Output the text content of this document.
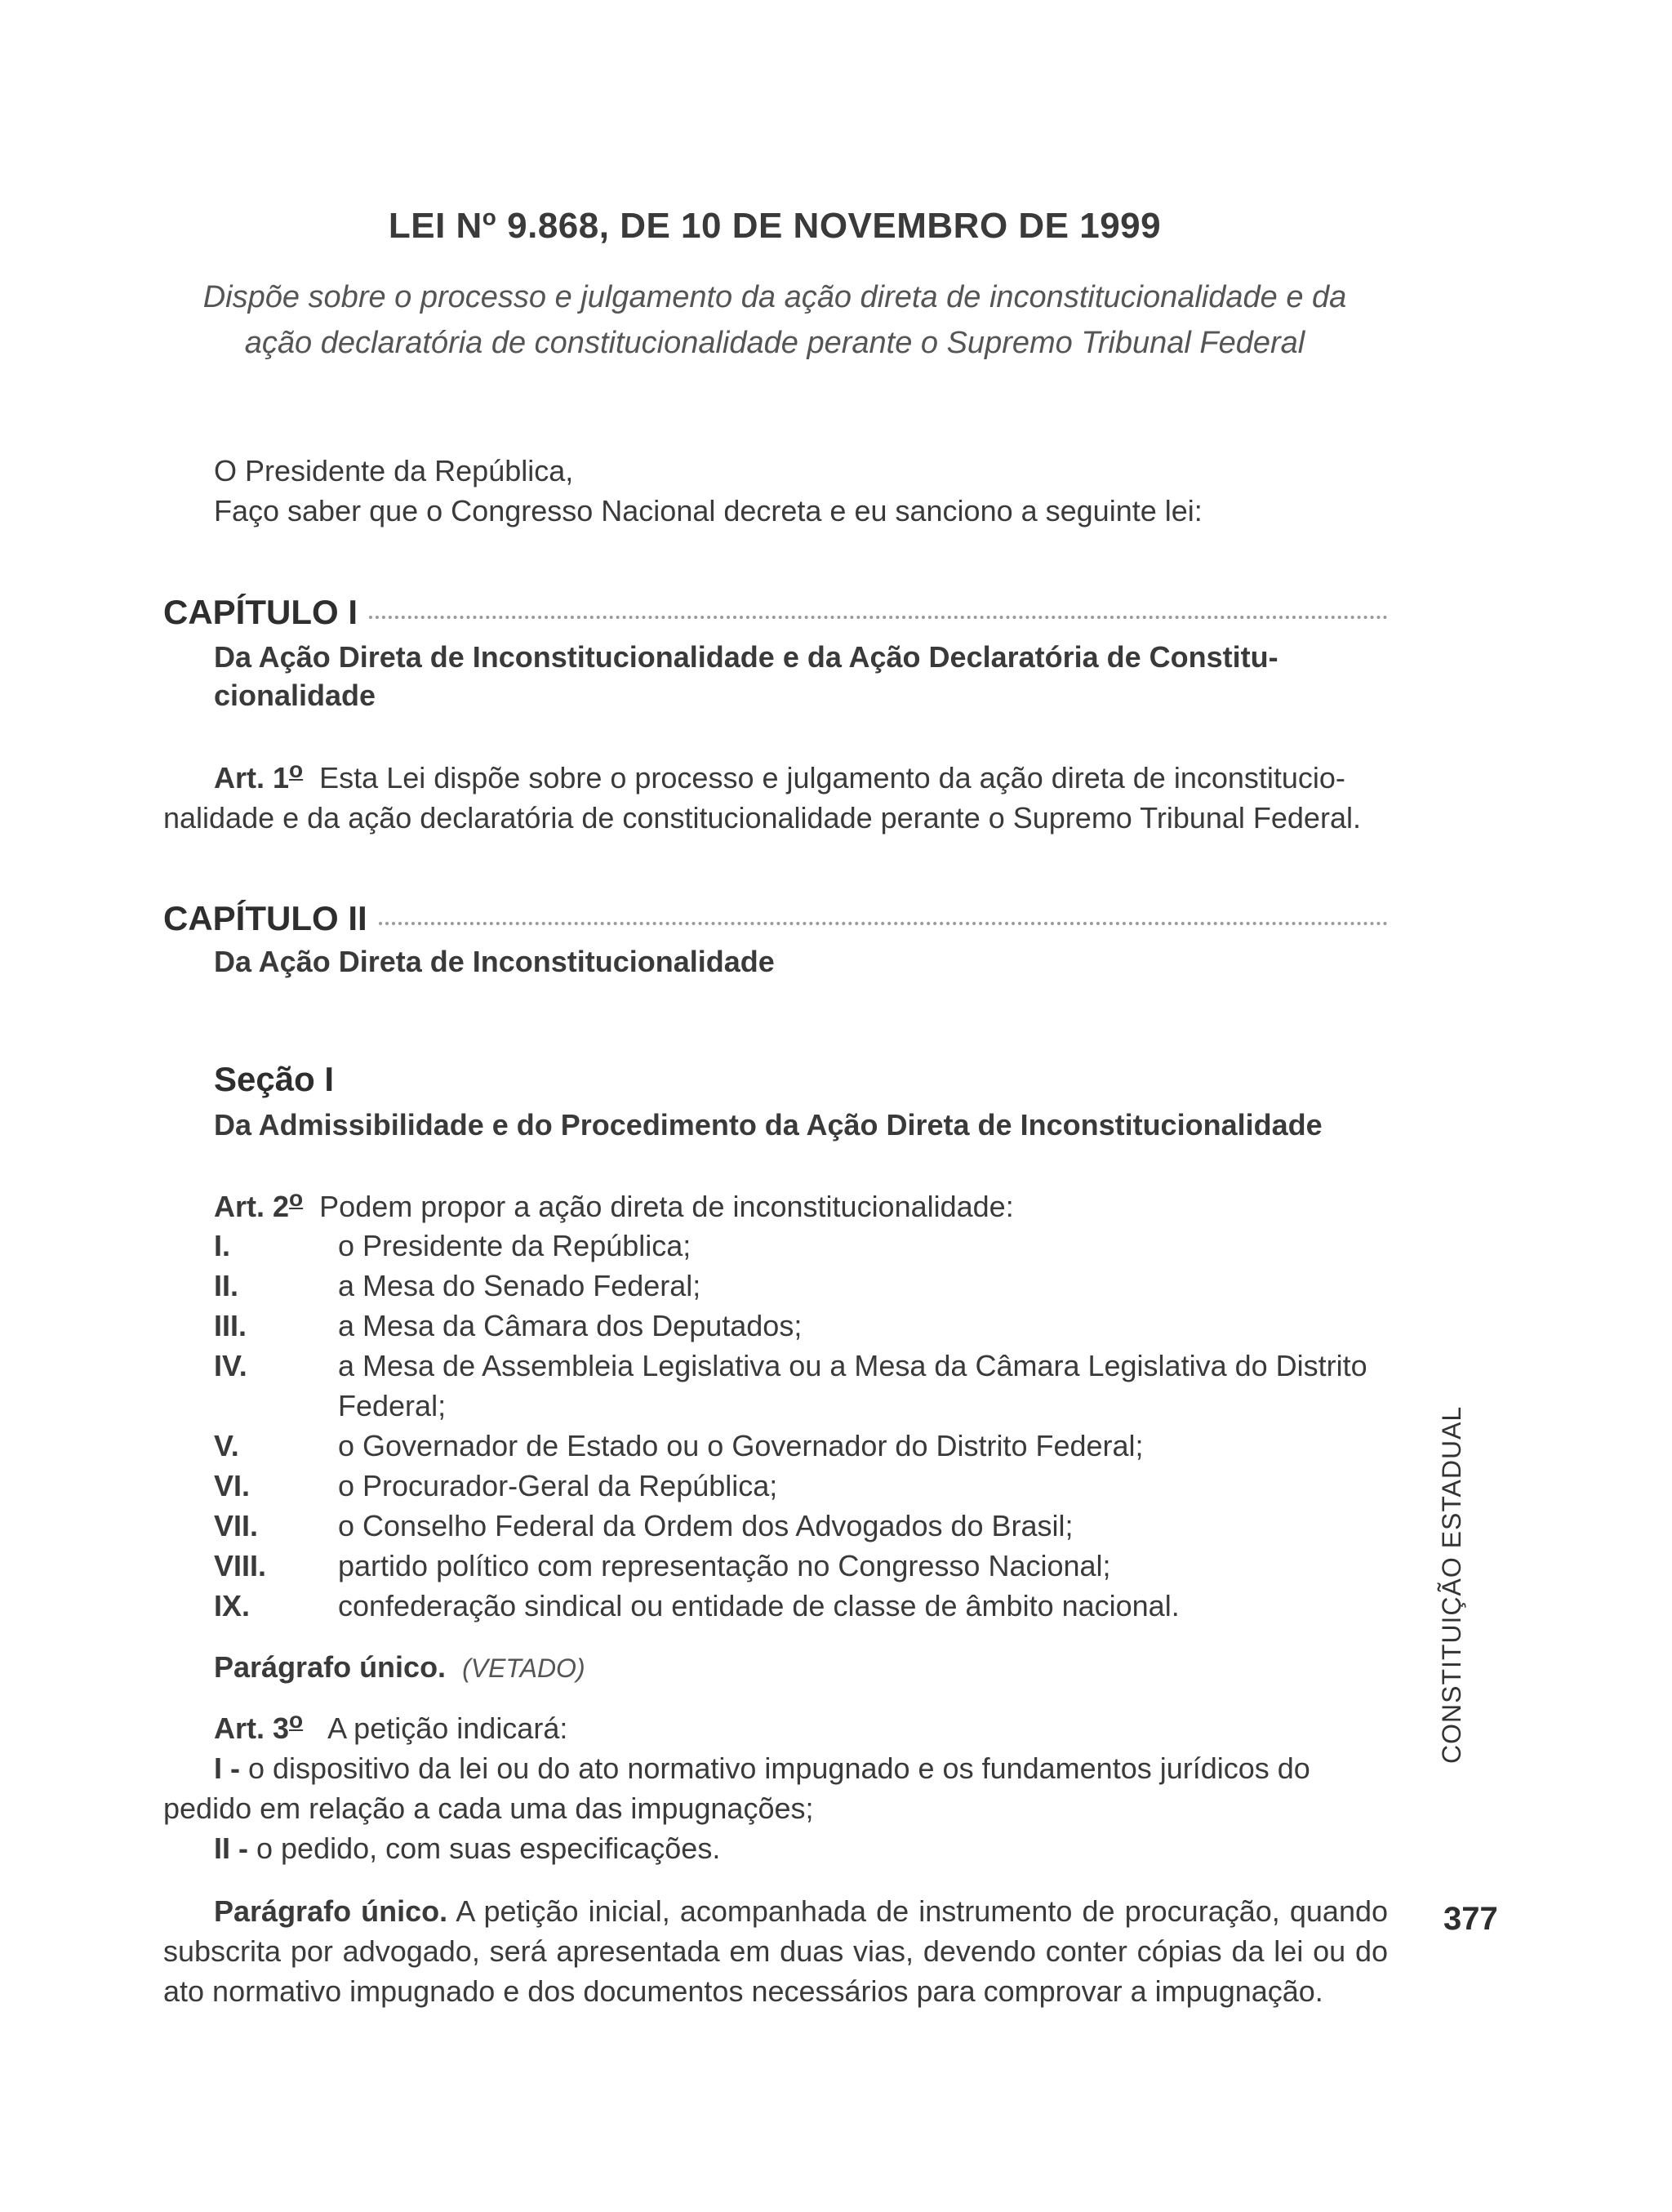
LEI $N^o$ 9.868, DE 10 DE NOVEMBRO DE 1999
Dispõe sobre o processo e julgamento da ação direta de inconstitucionalidade e da
ação declaratória de constitucionalidade perante o Supremo Tribunal Federal
O Presidente da República,
Faço saber que o Congresso Nacional decreta e eu sanciono a seguinte lei:
CAPÍTULO I
Da Ação Direta de Inconstitucionalidade e da Ação Declaratória de Constitu-
cionalidade
Art. 1$^o$ Esta Lei dispõe sobre o processo e julgamento da ação direta de inconstitucio-
nalidade e da ação declaratória de constitucionalidade perante o Supremo Tribunal Federal.
CAPÍTULO II
Da Ação Direta de Inconstitucionalidade
Seção I
Da Admissibilidade e do Procedimento da Ação Direta de Inconstitucionalidade
Art. 2$^o$ Podem propor a ação direta de inconstitucionalidade:
I.	o Presidente da República;
II.	a Mesa do Senado Federal;
III.	a Mesa da Câmara dos Deputados;
IV.	a Mesa de Assembleia Legislativa ou a Mesa da Câmara Legislativa do Distrito
Federal;
V.	o Governador de Estado ou o Governador do Distrito Federal;
VI.	o Procurador-Geral da República;
VII.	o Conselho Federal da Ordem dos Advogados do Brasil;
VIII. partido político com representação no Congresso Nacional;
IX.	confederação sindical ou entidade de classe de âmbito nacional.
Parágrafo único. (VETADO)
Art. 3$^o$ A petição indicará:
I - o dispositivo da lei ou do ato normativo impugnado e os fundamentos jurídicos do
pedido em relação a cada uma das impugnações;
II - o pedido, com suas especificações.
Parágrafo único. A petição inicial, acompanhada de instrumento de procuração, quando subscrita por advogado, será apresentada em duas vias, devendo conter cópias da lei ou do ato normativo impugnado e dos documentos necessários para comprovar a impugnação.
CONSTITUIÇÃO ESTADUAL
377
